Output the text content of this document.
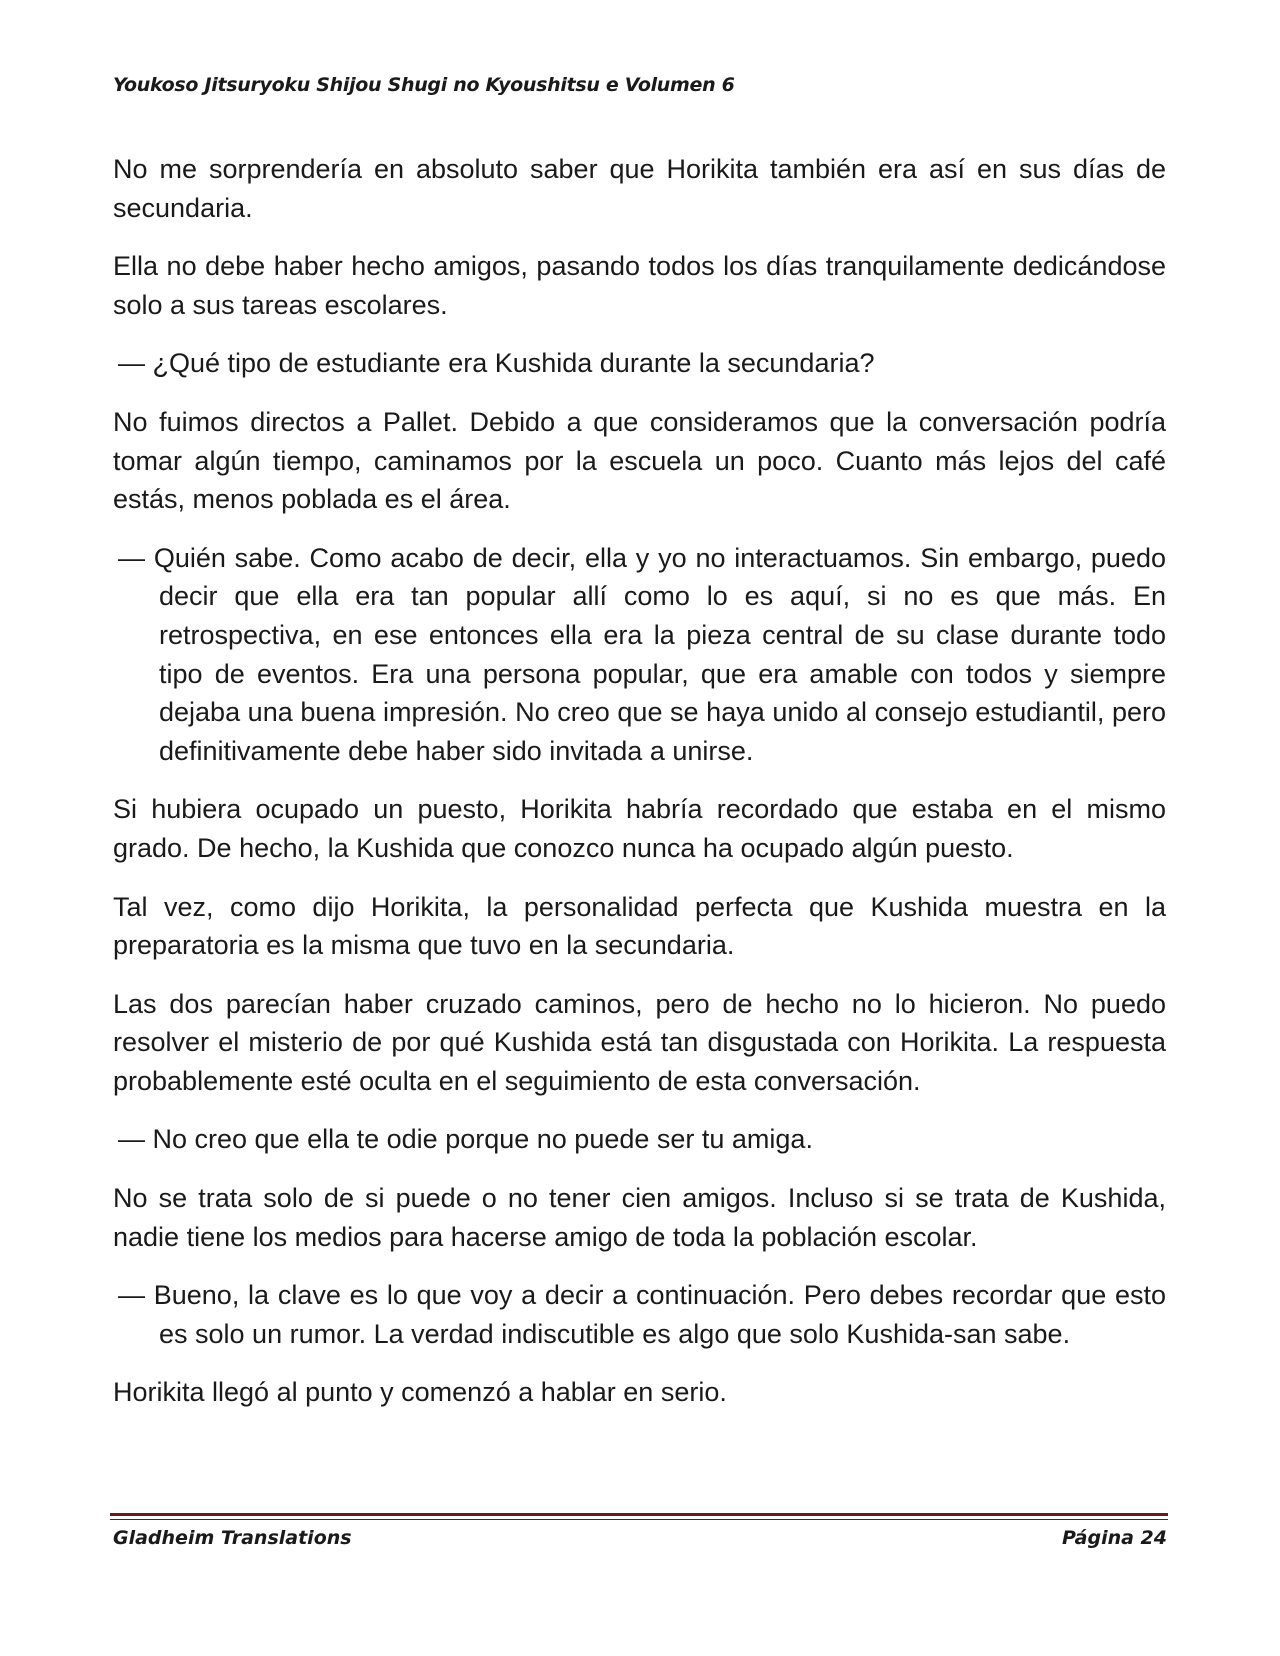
Youkoso Jitsuryoku Shijou Shugi no Kyoushitsu e Volumen 6

No me sorprendería en absoluto saber que Horikita también era así en sus días de secundaria.

Ella no debe haber hecho amigos, pasando todos los días tranquilamente dedicándose solo a sus tareas escolares.

— ¿Qué tipo de estudiante era Kushida durante la secundaria?

No fuimos directos a Pallet. Debido a que consideramos que la conversación podría tomar algún tiempo, caminamos por la escuela un poco. Cuanto más lejos del café estás, menos poblada es el área.

— Quién sabe. Como acabo de decir, ella y yo no interactuamos. Sin embargo, puedo decir que ella era tan popular allí como lo es aquí, si no es que más. En retrospectiva, en ese entonces ella era la pieza central de su clase durante todo tipo de eventos. Era una persona popular, que era amable con todos y siempre dejaba una buena impresión. No creo que se haya unido al consejo estudiantil, pero definitivamente debe haber sido invitada a unirse.

Si hubiera ocupado un puesto, Horikita habría recordado que estaba en el mismo grado. De hecho, la Kushida que conozco nunca ha ocupado algún puesto.

Tal vez, como dijo Horikita, la personalidad perfecta que Kushida muestra en la preparatoria es la misma que tuvo en la secundaria.

Las dos parecían haber cruzado caminos, pero de hecho no lo hicieron. No puedo resolver el misterio de por qué Kushida está tan disgustada con Horikita. La respuesta probablemente esté oculta en el seguimiento de esta conversación.

— No creo que ella te odie porque no puede ser tu amiga.

No se trata solo de si puede o no tener cien amigos. Incluso si se trata de Kushida, nadie tiene los medios para hacerse amigo de toda la población escolar.

— Bueno, la clave es lo que voy a decir a continuación. Pero debes recordar que esto es solo un rumor. La verdad indiscutible es algo que solo Kushida-san sabe.

Horikita llegó al punto y comenzó a hablar en serio.

Gladheim Translations	Página 24
